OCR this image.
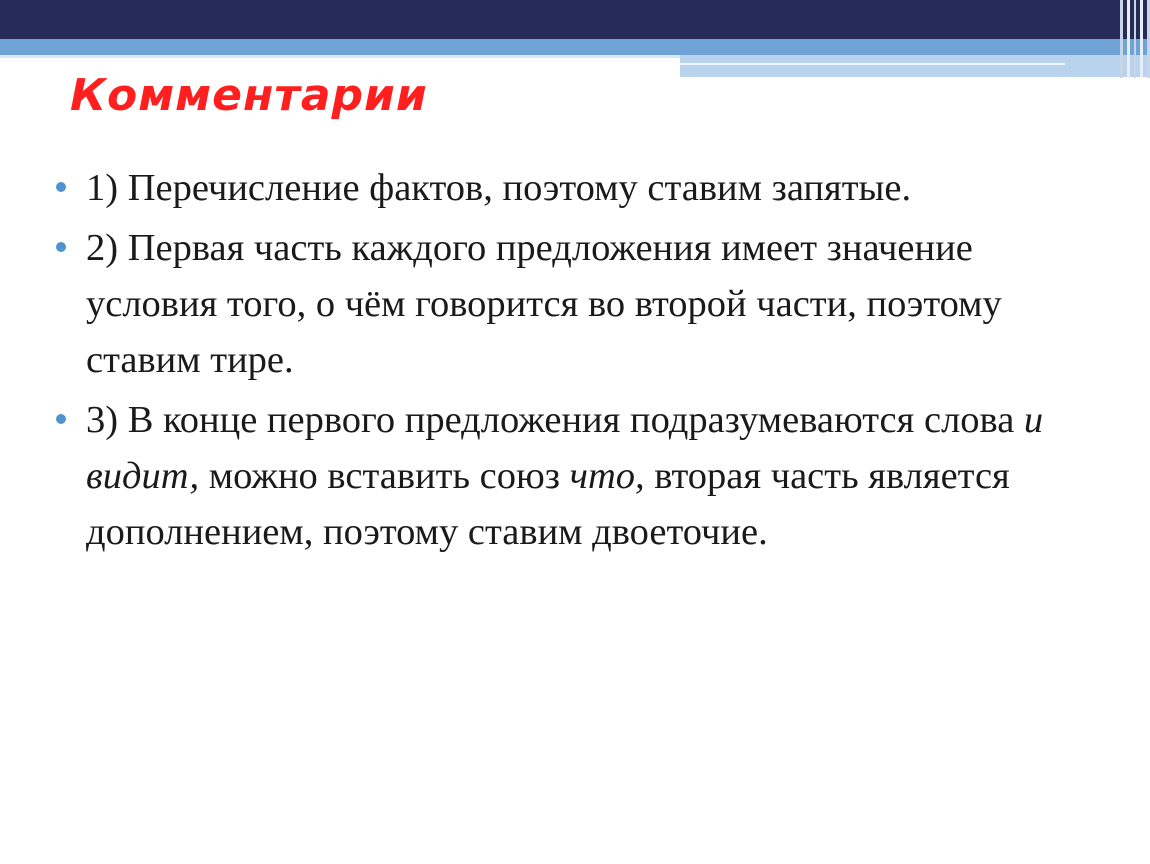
Комментарии
1) Перечисление фактов, поэтому ставим запятые.
2) Первая часть каждого предложения имеет значение условия того, о чём говорится во второй части, поэтому ставим тире.
3) В конце первого предложения подразумеваются слова и видит, можно вставить союз что, вторая часть является дополнением, поэтому ставим двоеточие.
